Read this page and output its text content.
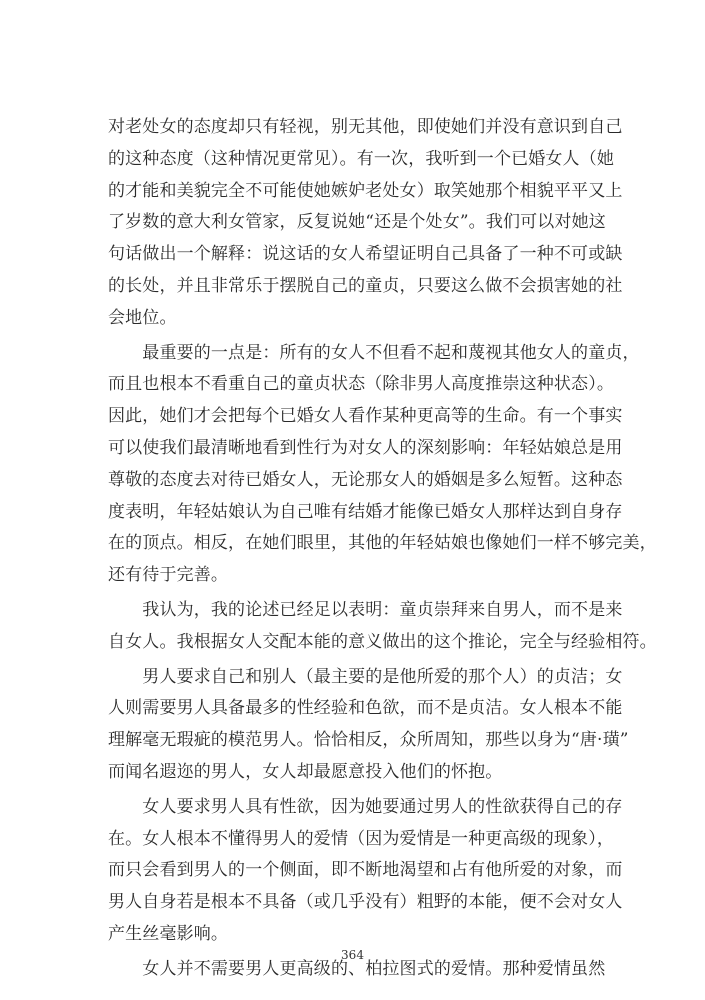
对老处女的态度却只有轻视，别无其他，即使她们并没有意识到自己
的这种态度（这种情况更常见）。有一次，我听到一个已婚女人（她
的才能和美貌完全不可能使她嫉妒老处女）取笑她那个相貌平平又上
了岁数的意大利女管家，反复说她“还是个处女”。我们可以对她这
句话做出一个解释：说这话的女人希望证明自己具备了一种不可或缺
的长处，并且非常乐于摆脱自己的童贞，只要这么做不会损害她的社
会地位。
　　最重要的一点是：所有的女人不但看不起和蔑视其他女人的童贞，
而且也根本不看重自己的童贞状态（除非男人高度推崇这种状态）。
因此，她们才会把每个已婚女人看作某种更高等的生命。有一个事实
可以使我们最清晰地看到性行为对女人的深刻影响：年轻姑娘总是用
尊敬的态度去对待已婚女人，无论那女人的婚姻是多么短暂。这种态
度表明，年轻姑娘认为自己唯有结婚才能像已婚女人那样达到自身存
在的顶点。相反，在她们眼里，其他的年轻姑娘也像她们一样不够完美，
还有待于完善。
　　我认为，我的论述已经足以表明：童贞崇拜来自男人，而不是来
自女人。我根据女人交配本能的意义做出的这个推论，完全与经验相符。
　　男人要求自己和别人（最主要的是他所爱的那个人）的贞洁；女
人则需要男人具备最多的性经验和色欲，而不是贞洁。女人根本不能
理解毫无瑕疵的模范男人。恰恰相反，众所周知，那些以身为“唐·璜”
而闻名遐迩的男人，女人却最愿意投入他们的怀抱。
　　女人要求男人具有性欲，因为她要通过男人的性欲获得自己的存
在。女人根本不懂得男人的爱情（因为爱情是一种更高级的现象），
而只会看到男人的一个侧面，即不断地渴望和占有他所爱的对象，而
男人自身若是根本不具备（或几乎没有）粗野的本能，便不会对女人
产生丝毫影响。
　　女人并不需要男人更高级的、柏拉图式的爱情。那种爱情虽然
364
